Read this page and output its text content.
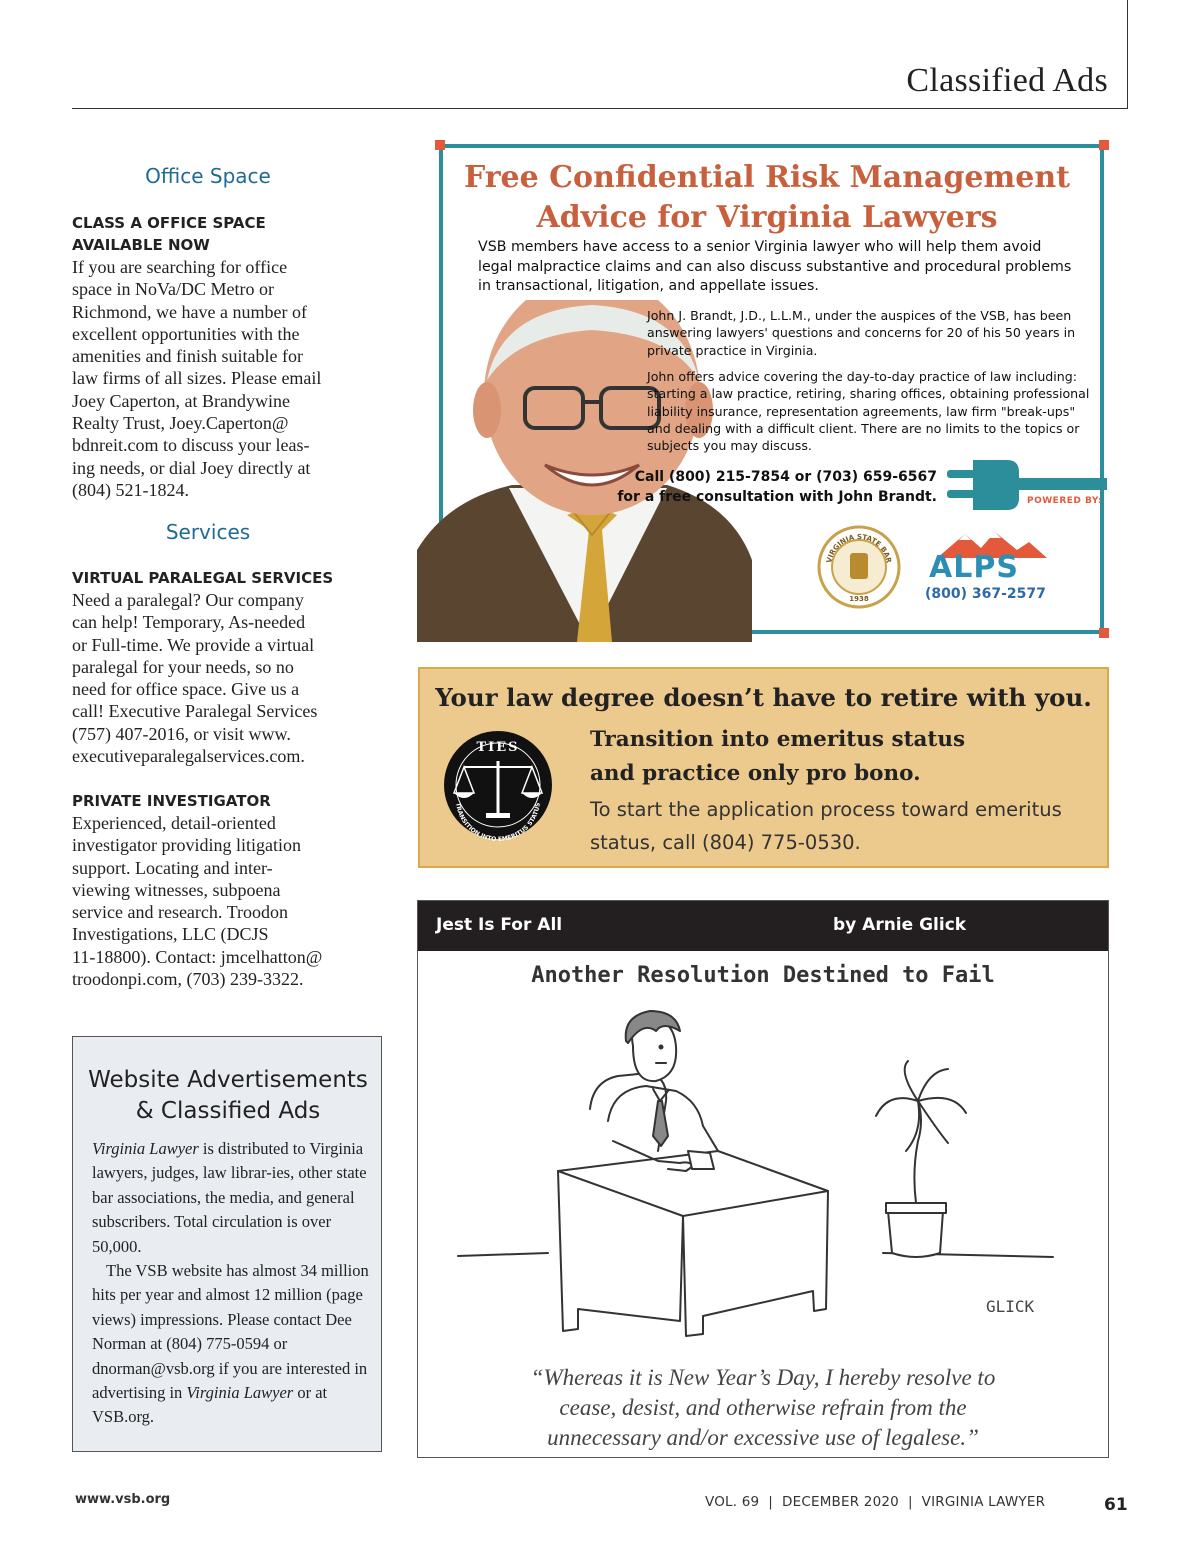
Classified Ads
Office Space
CLASS A OFFICE SPACE
AVAILABLE NOW
If you are searching for office
space in NoVa/DC Metro or
Richmond, we have a number of
excellent opportunities with the
amenities and finish suitable for
law firms of all sizes. Please email
Joey Caperton, at Brandywine
Realty Trust, Joey.Caperton@
bdnreit.com to discuss your leas-
ing needs, or dial Joey directly at
(804) 521-1824.
Services
VIRTUAL PARALEGAL SERVICES
Need a paralegal? Our company
can help! Temporary, As-needed
or Full-time. We provide a virtual
paralegal for your needs, so no
need for office space. Give us a
call! Executive Paralegal Services
(757) 407-2016, or visit www.
executiveparalegalservices.com.
PRIVATE INVESTIGATOR
Experienced, detail-oriented
investigator providing litigation
support. Locating and inter-
viewing witnesses, subpoena
service and research. Troodon
Investigations, LLC (DCJS
11-18800). Contact: jmcelhatton@
troodonpi.com, (703) 239-3322.
Website Advertisements
& Classified Ads

Virginia Lawyer is distributed to Virginia lawyers, judges, law librar-ies, other state bar associations, the media, and general subscribers. Total circulation is over 50,000.

The VSB website has almost 34 million hits per year and almost 12 million (page views) impressions. Please contact Dee Norman at (804) 775-0594 or dnorman@vsb.org if you are interested in advertising in Virginia Lawyer or at VSB.org.

Free Confidential Risk Management
Advice for Virginia Lawyers
VSB members have access to a senior Virginia lawyer who will help them avoid legal malpractice claims and can also discuss substantive and procedural problems in transactional, litigation, and appellate issues.
John J. Brandt, J.D., L.L.M., under the auspices of the VSB, has been answering lawyers' questions and concerns for 20 of his 50 years in private practice in Virginia.
John offers advice covering the day-to-day practice of law including: starting a law practice, retiring, sharing offices, obtaining professional liability insurance, representation agreements, law firm "break-ups" and dealing with a difficult client. There are no limits to the topics or subjects you may discuss.
Call (800) 215-7854 or (703) 659-6567
for a free consultation with John Brandt.	POWERED BY:
VIRGINIA STATE BAR
1938
ALPS
(800) 367-2577
Your law degree doesn’t have to retire with you.
TIES
TRANSITION INTO EMERITUS STATUS
Transition into emeritus status
and practice only pro bono.
To start the application process toward emeritus
status, call (804) 775-0530.
Jest Is For All	by Arnie Glick
Another Resolution Destined to Fail
GLICK
“Whereas it is New Year’s Day, I hereby resolve to
cease, desist, and otherwise refrain from the
unnecessary and/or excessive use of legalese.”
www.vsb.org	VOL. 69  |  DECEMBER 2020  |  VIRGINIA LAWYER	61
